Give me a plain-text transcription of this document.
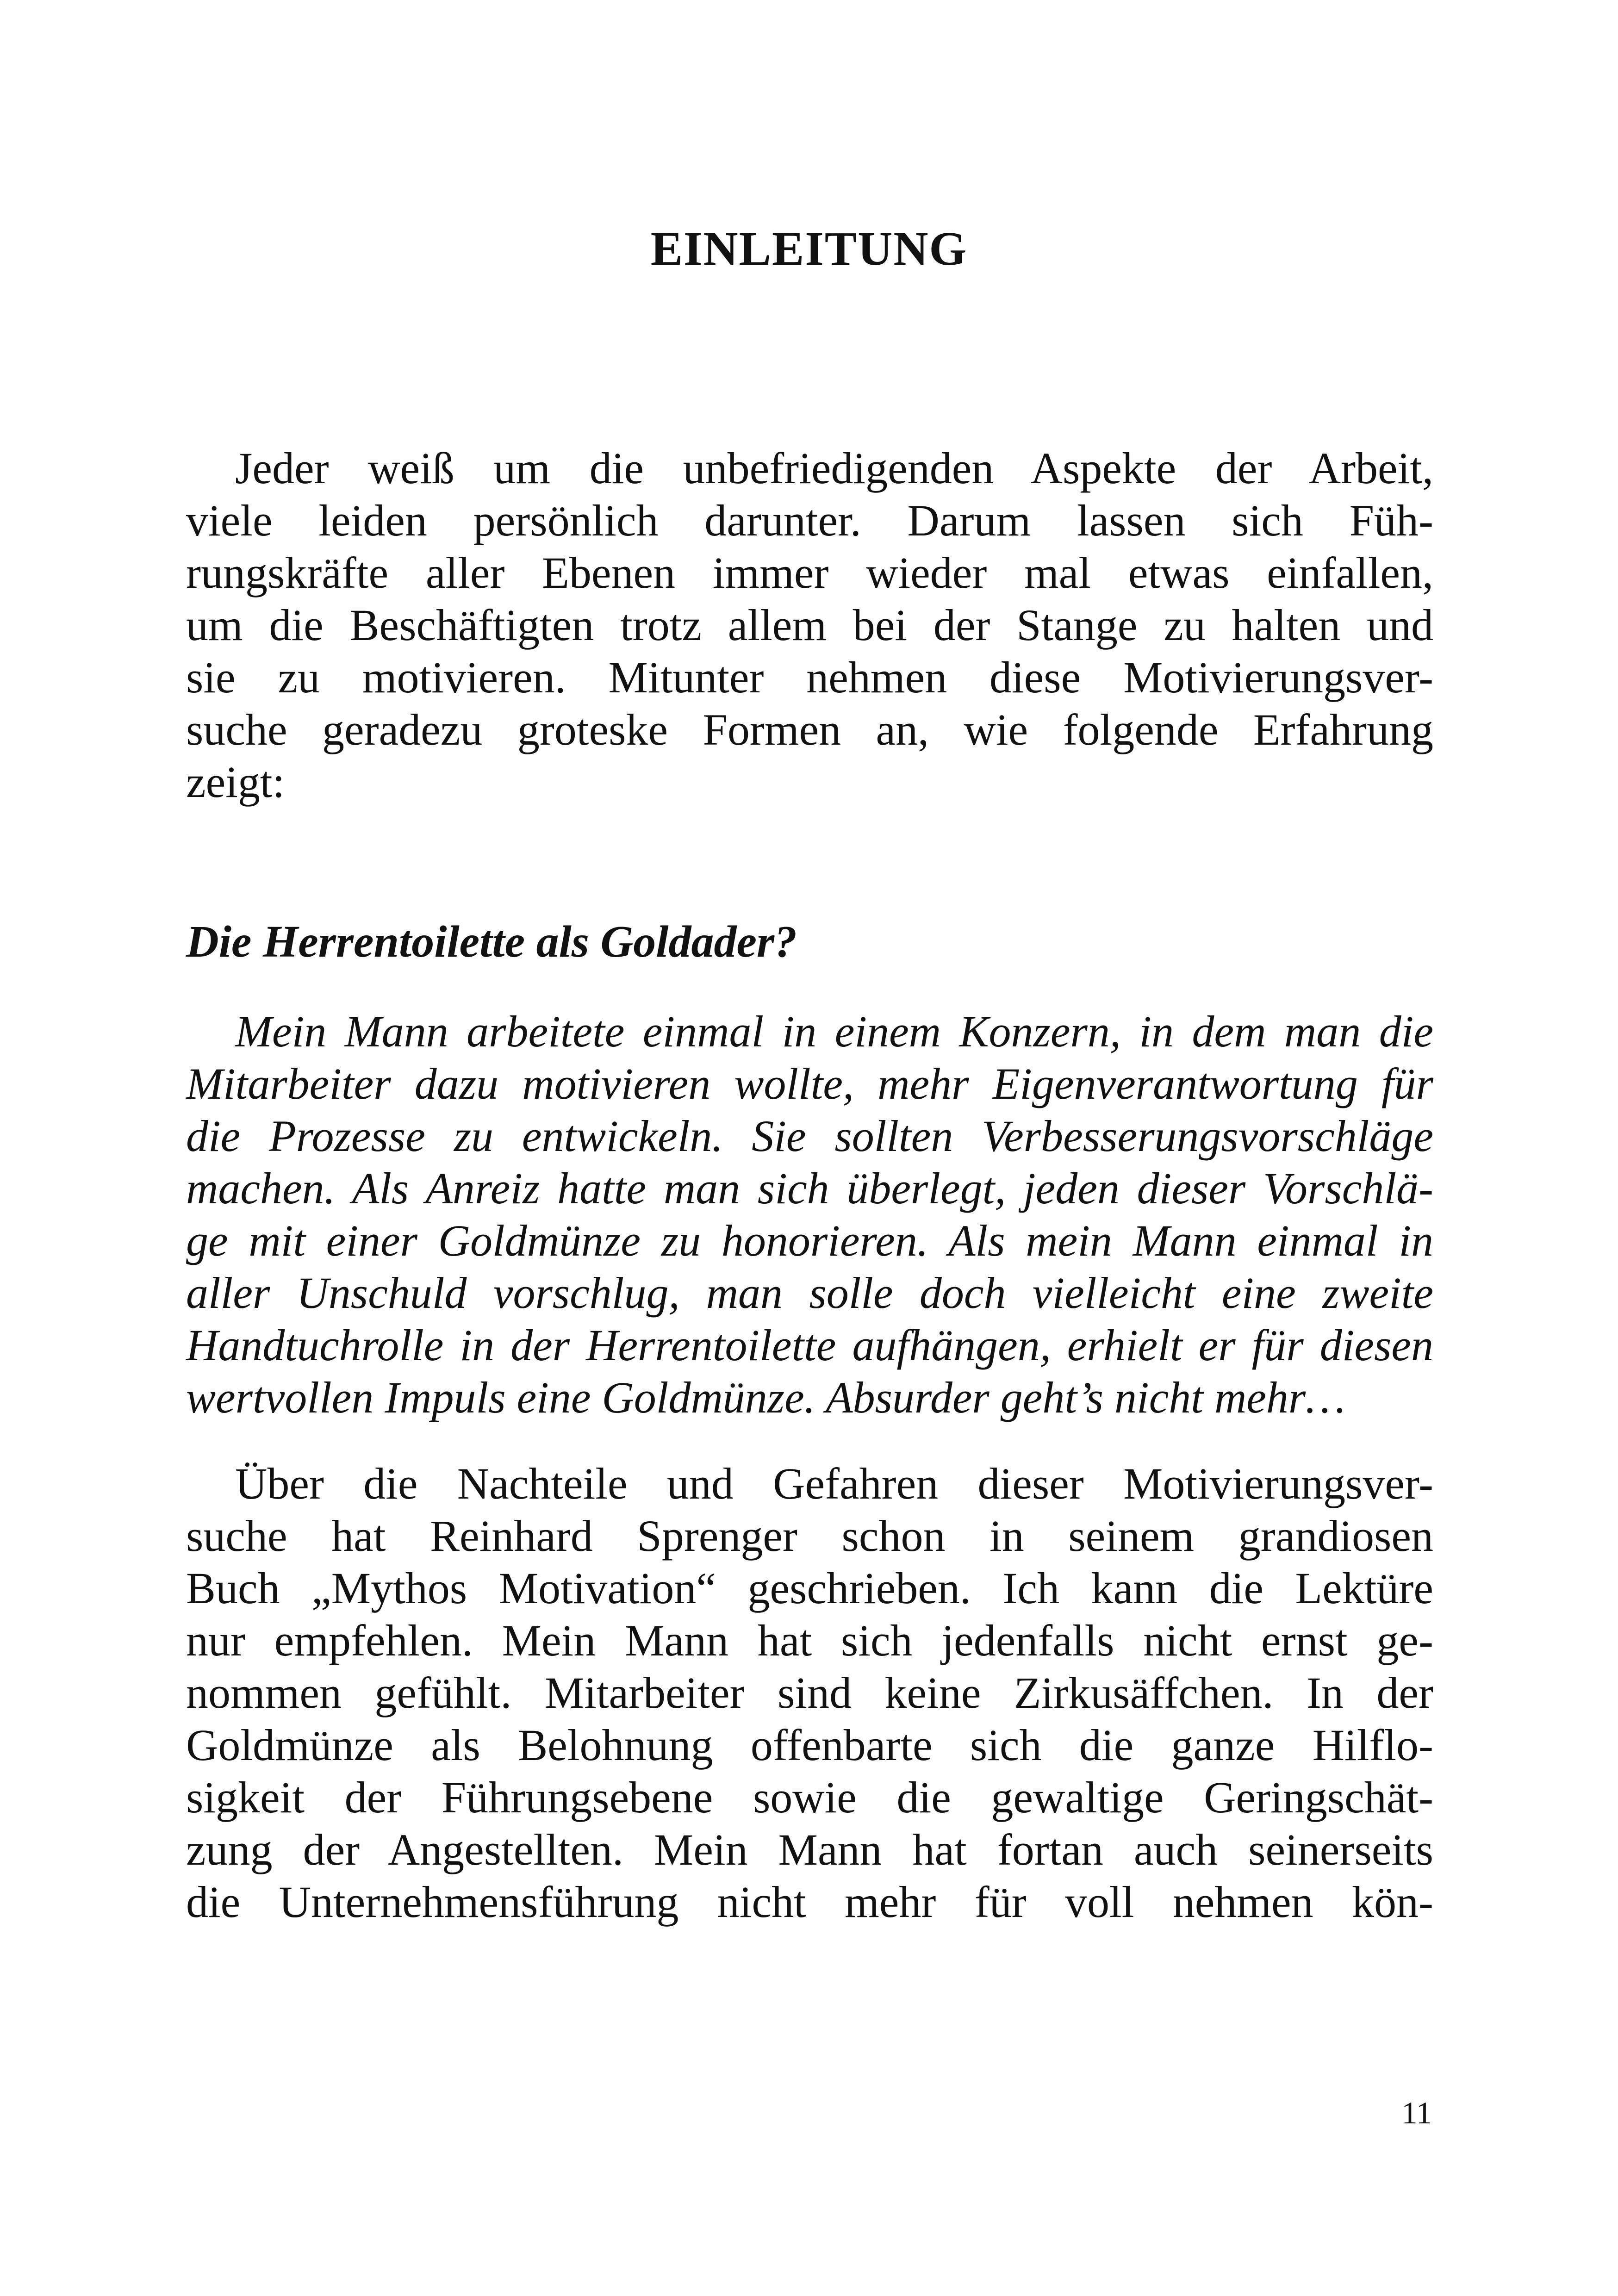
EINLEITUNG
Jeder weiß um die unbefriedigenden Aspekte der Arbeit,
viele leiden persönlich darunter. Darum lassen sich Füh-
rungskräfte aller Ebenen immer wieder mal etwas einfallen,
um die Beschäftigten trotz allem bei der Stange zu halten und
sie zu motivieren. Mitunter nehmen diese Motivierungsver-
suche geradezu groteske Formen an, wie folgende Erfahrung
zeigt:
Die Herrentoilette als Goldader?
Mein Mann arbeitete einmal in einem Konzern, in dem man die
Mitarbeiter dazu motivieren wollte, mehr Eigenverantwortung für
die Prozesse zu entwickeln. Sie sollten Verbesserungsvorschläge
machen. Als Anreiz hatte man sich überlegt, jeden dieser Vorschlä-
ge mit einer Goldmünze zu honorieren. Als mein Mann einmal in
aller Unschuld vorschlug, man solle doch vielleicht eine zweite
Handtuchrolle in der Herrentoilette aufhängen, erhielt er für diesen
wertvollen Impuls eine Goldmünze. Absurder geht’s nicht mehr…
Über die Nachteile und Gefahren dieser Motivierungsver-
suche hat Reinhard Sprenger schon in seinem grandiosen
Buch „Mythos Motivation“ geschrieben. Ich kann die Lektüre
nur empfehlen. Mein Mann hat sich jedenfalls nicht ernst ge-
nommen gefühlt. Mitarbeiter sind keine Zirkusäffchen. In der
Goldmünze als Belohnung offenbarte sich die ganze Hilflo-
sigkeit der Führungsebene sowie die gewaltige Geringschät-
zung der Angestellten. Mein Mann hat fortan auch seinerseits
die Unternehmensführung nicht mehr für voll nehmen kön-
11
